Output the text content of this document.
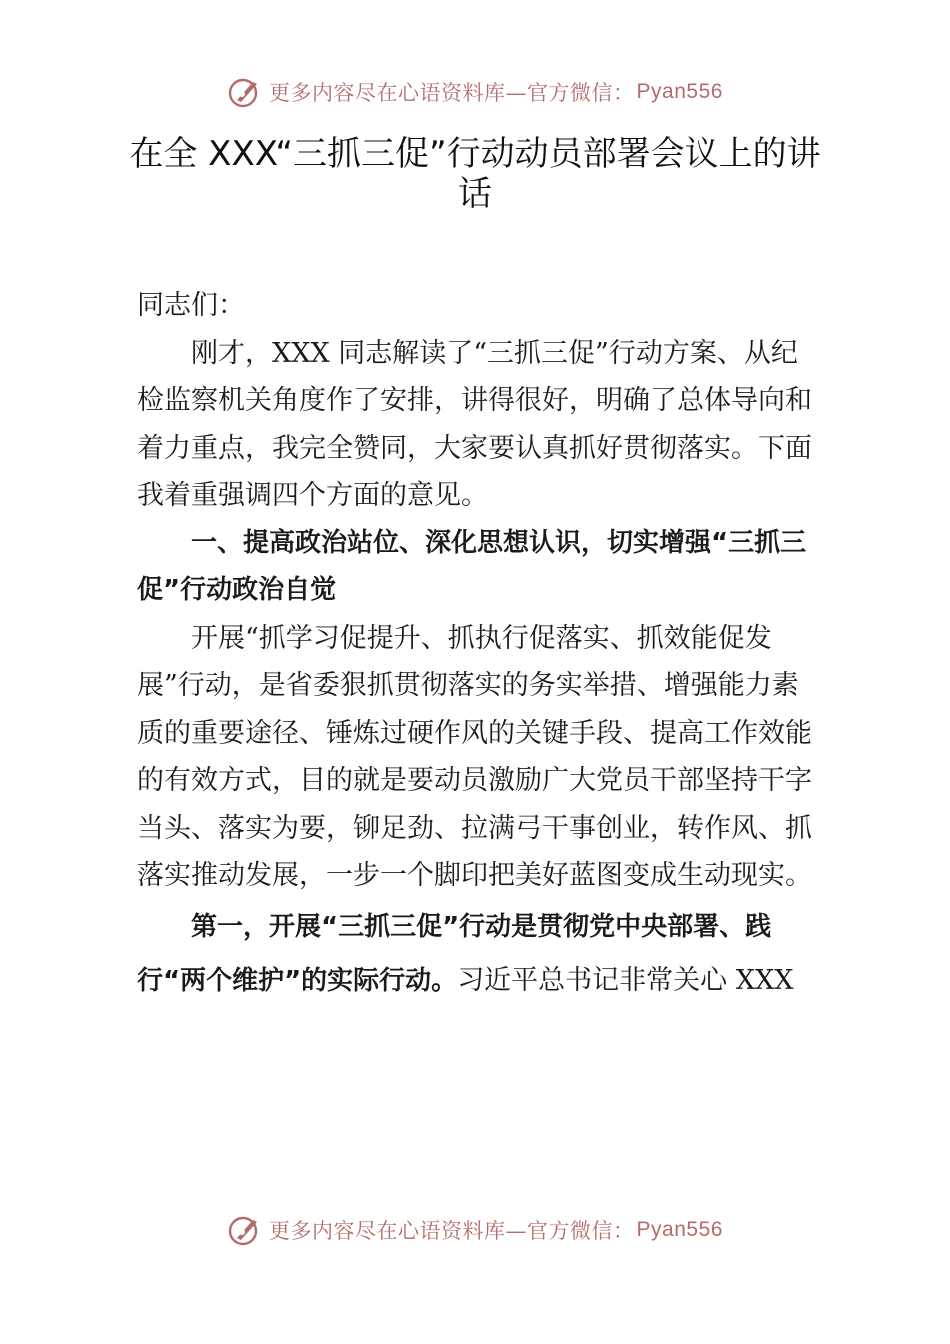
更多内容尽在心语资料库—官方微信： Pyan556
在全 XXX“三抓三促”行动动员部署会议上的讲话

同志们：

刚才，XXX 同志解读了“三抓三促”行动方案、从纪检监察机关角度作了安排，讲得很好，明确了总体导向和着力重点，我完全赞同，大家要认真抓好贯彻落实。下面我着重强调四个方面的意见。

一、提高政治站位、深化思想认识，切实增强“三抓三促”行动政治自觉

开展“抓学习促提升、抓执行促落实、抓效能促发展”行动，是省委狠抓贯彻落实的务实举措、增强能力素质的重要途径、锤炼过硬作风的关键手段、提高工作效能的有效方式，目的就是要动员激励广大党员干部坚持干字当头、落实为要，铆足劲、拉满弓干事创业，转作风、抓落实推动发展，一步一个脚印把美好蓝图变成生动现实。

第一，开展“三抓三促”行动是贯彻党中央部署、践行“两个维护”的实际行动。习近平总书记非常关心 XXX

更多内容尽在心语资料库—官方微信： Pyan556
